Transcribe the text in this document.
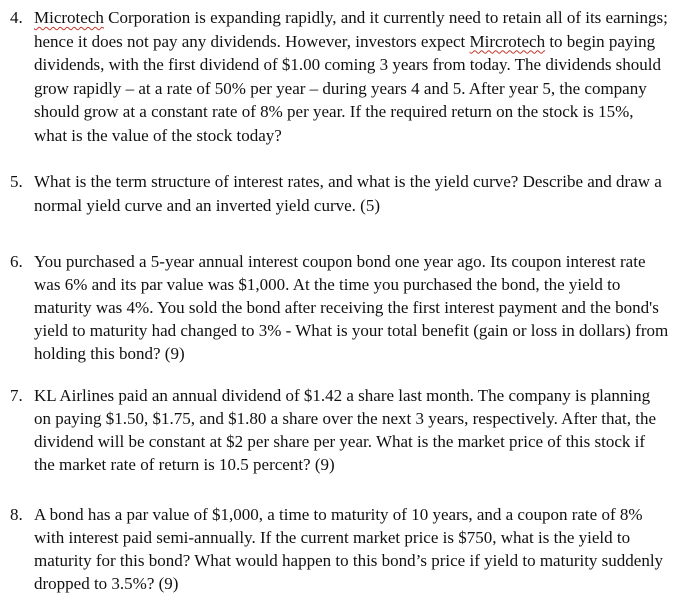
4. Microtech Corporation is expanding rapidly, and it currently need to retain all of its earnings; hence it does not pay any dividends. However, investors expect Mircrotech to begin paying dividends, with the first dividend of $1.00 coming 3 years from today. The dividends should grow rapidly – at a rate of 50% per year – during years 4 and 5. After year 5, the company should grow at a constant rate of 8% per year. If the required return on the stock is 15%, what is the value of the stock today?
5. What is the term structure of interest rates, and what is the yield curve? Describe and draw a normal yield curve and an inverted yield curve. (5)
6. You purchased a 5-year annual interest coupon bond one year ago. Its coupon interest rate was 6% and its par value was $1,000. At the time you purchased the bond, the yield to maturity was 4%. You sold the bond after receiving the first interest payment and the bond's yield to maturity had changed to 3% - What is your total benefit (gain or loss in dollars) from holding this bond? (9)
7. KL Airlines paid an annual dividend of $1.42 a share last month. The company is planning on paying $1.50, $1.75, and $1.80 a share over the next 3 years, respectively. After that, the dividend will be constant at $2 per share per year. What is the market price of this stock if the market rate of return is 10.5 percent? (9)
8. A bond has a par value of $1,000, a time to maturity of 10 years, and a coupon rate of 8% with interest paid semi-annually. If the current market price is $750, what is the yield to maturity for this bond? What would happen to this bond’s price if yield to maturity suddenly dropped to 3.5%? (9)
